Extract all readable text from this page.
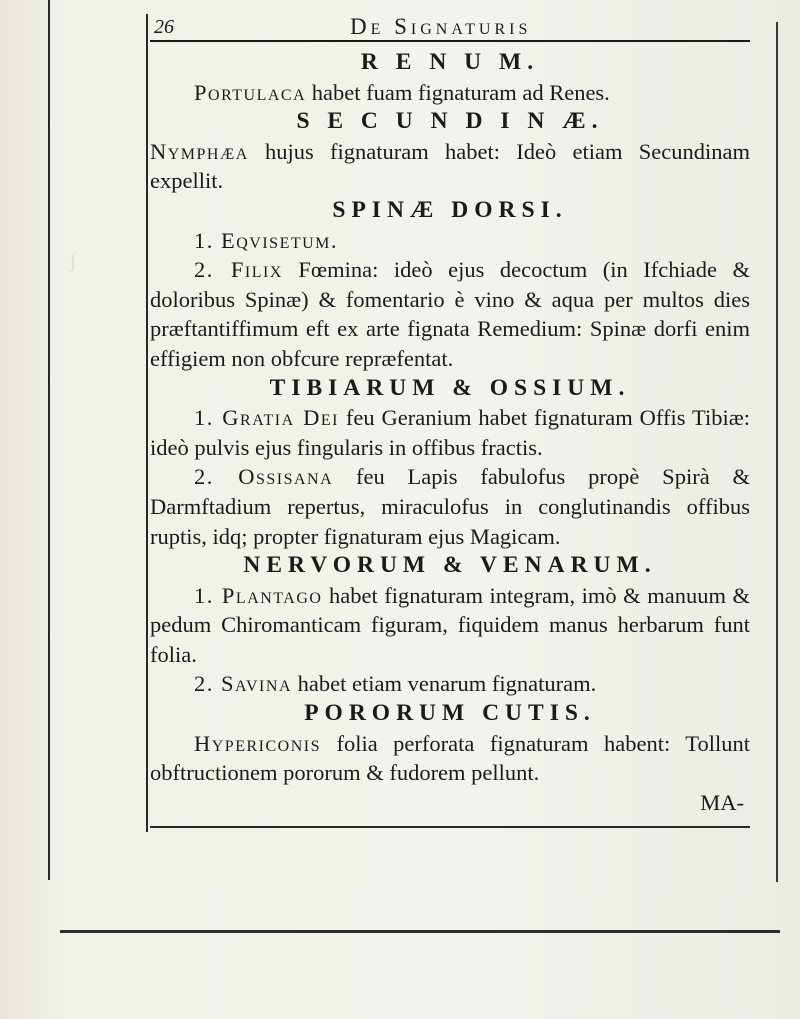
ʃ
26	De Signaturis
R E N U M.

Portulaca habet fuam fignaturam ad Renes.

S E C U N D I N Æ.

Nymphæa hujus fignaturam habet: Ideò etiam Secundinam expellit.

SPINÆ DORSI.

1. Eqvisetum.

2. Filix Fœmina: ideò ejus decoctum (in Ifchiade & doloribus Spinæ) & fomentario è vino & aqua per multos dies præftantiffimum eft ex arte fignata Remedium: Spinæ dorfi enim effigiem non obfcure repræfentat.

TIBIARUM & OSSIUM.

1. Gratia Dei feu Geranium habet fignaturam Offis Tibiæ: ideò pulvis ejus fingularis in offibus fractis.

2. Ossisana feu Lapis fabulofus propè Spirà & Darmftadium repertus, miraculofus in conglutinandis offibus ruptis, idq; propter fignaturam ejus Magicam.

NERVORUM & VENARUM.

1. Plantago habet fignaturam integram, imò & manuum & pedum Chiromanticam figuram, fiquidem manus herbarum funt folia.

2. Savina habet etiam venarum fignaturam.

PORORUM CUTIS.

Hypericonis folia perforata fignaturam habent: Tollunt obftructionem pororum & fudorem pellunt.

MA-
